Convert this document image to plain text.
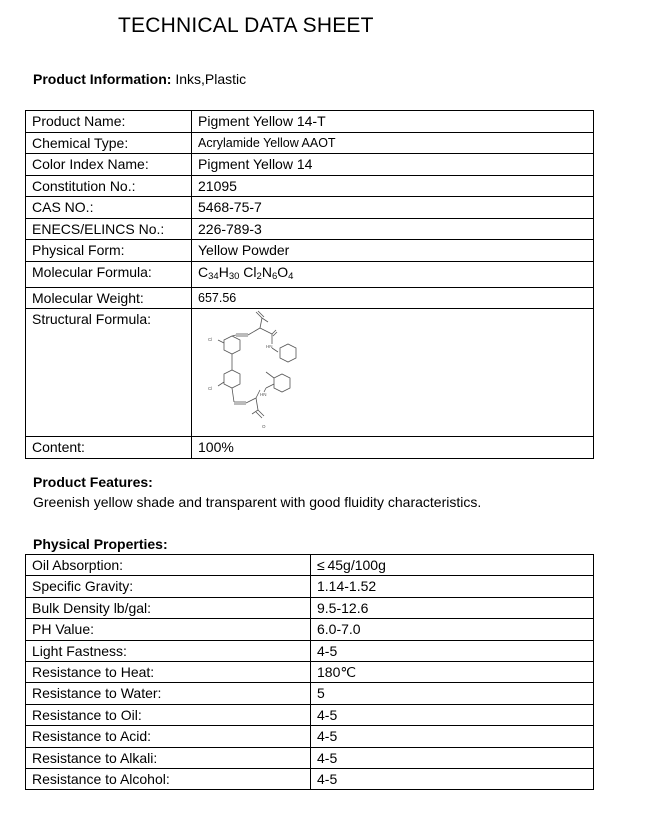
TECHNICAL DATA SHEET
Product Information: Inks,Plastic
Product Name:	Pigment Yellow 14-T
Chemical Type:	Acrylamide Yellow AAOT
Color Index Name:	Pigment Yellow 14
Constitution No.:	21095
CAS NO.:	5468-75-7
ENECS/ELINCS No.:	226-789-3
Physical Form:	Yellow Powder
Molecular Formula:	$C_{34}H_{30}$ $Cl_2N_6O_4$
Molecular Weight:	657.56
Structural Formula:	Cl
Cl
HN
HN
O

Content:	100%
Product Features:
Greenish yellow shade and transparent with good fluidity characteristics.
Physical Properties:
Oil Absorption:	≤ 45g/100g
Specific Gravity:	1.14-1.52
Bulk Density lb/gal:	9.5-12.6
PH Value:	6.0-7.0
Light Fastness:	4-5
Resistance to Heat:	180℃
Resistance to Water:	5
Resistance to Oil:	4-5
Resistance to Acid:	4-5
Resistance to Alkali:	4-5
Resistance to Alcohol:	4-5
